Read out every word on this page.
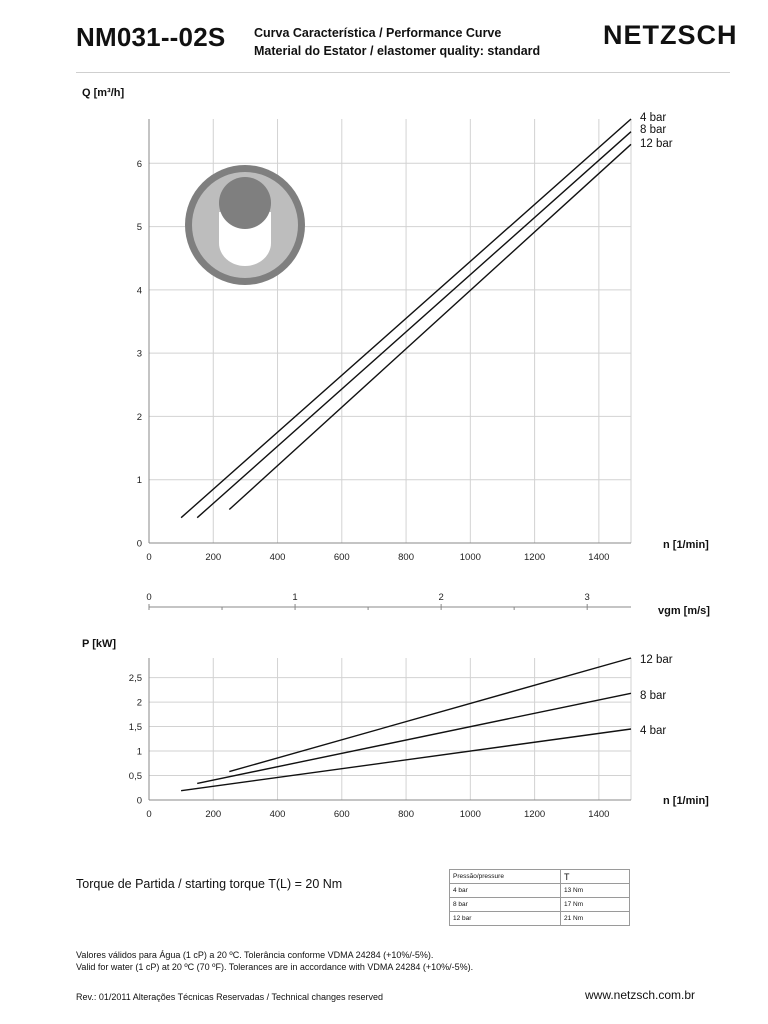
NM031--02S Curva Característica / Performance Curve
Material do Estator / elastomer quality: standard
NETZSCH
0	200	400	600	800	1000	1200	1400
0
1
2
3
4
5
6
Q [m³/h]
n [1/min]
4 bar
8 bar
12 bar
0	1	2	3
vgm [m/s]
0	200	400	600	800	1000	1200	1400
0
0,5
1
1,5
2
2,5
P [kW]
n [1/min]
12 bar
8 bar
4 bar
Torque de Partida / starting torque T(L) = 20 Nm
Pressão/pressure	T
4 bar	13 Nm
8 bar	17 Nm
12 bar	21 Nm
Valores válidos para Água (1 cP) a 20 ºC. Tolerância conforme VDMA 24284 (+10%/-5%).
Valid for water (1 cP) at 20 ºC (70 ºF). Tolerances are in accordance with VDMA 24284 (+10%/-5%).
Rev.: 01/2011 Alterações Técnicas Reservadas / Technical changes reserved	www.netzsch.com.br
